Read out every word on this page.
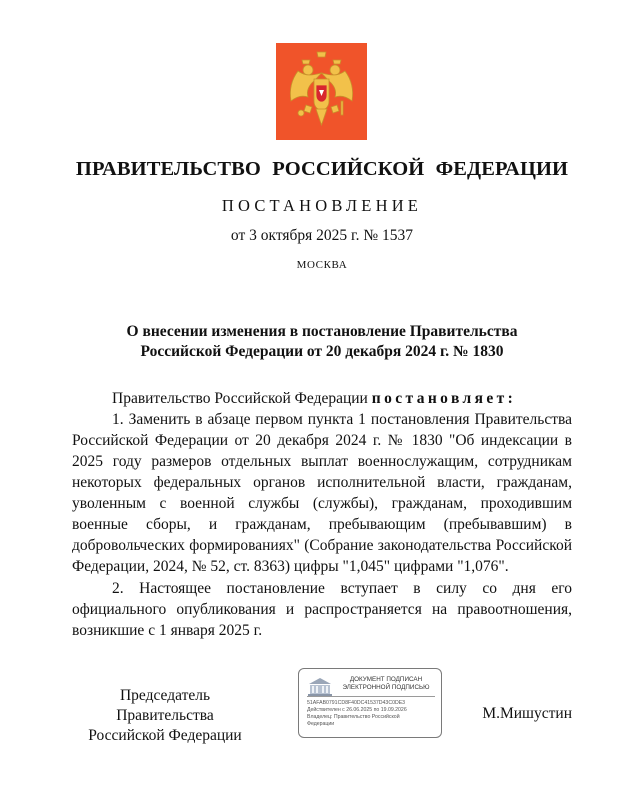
ПРАВИТЕЛЬСТВО РОССИЙСКОЙ ФЕДЕРАЦИИ
ПОСТАНОВЛЕНИЕ
от 3 октября 2025 г. № 1537
МОСКВА
О внесении изменения в постановление Правительства
Российской Федерации от 20 декабря 2024 г. № 1830
Правительство Российской Федерации постановляет:
1. Заменить в абзаце первом пункта 1 постановления Правительства Российской Федерации от 20 декабря 2024 г. № 1830 "Об индексации в 2025 году размеров отдельных выплат военнослужащим, сотрудникам некоторых федеральных органов исполнительной власти, гражданам, уволенным с военной службы (службы), гражданам, проходившим военные сборы, и гражданам, пребывающим (пребывавшим) в добровольческих формированиях" (Собрание законодательства Российской Федерации, 2024, № 52, ст. 8363) цифры "1,045" цифрами "1,076".
2. Настоящее постановление вступает в силу со дня его официального опубликования и распространяется на правоотношения, возникшие с 1 января 2025 г.
Председатель Правительства
Российской Федерации
ДОКУМЕНТ ПОДПИСАН
ЭЛЕКТРОННОЙ ПОДПИСЬЮ
51AFAB0791CD8F40DC41537D43C0DE3
Действителен с 26.06.2025 по 19.09.2026
Владелец: Правительство Российской
Федерации
М.Мишустин
